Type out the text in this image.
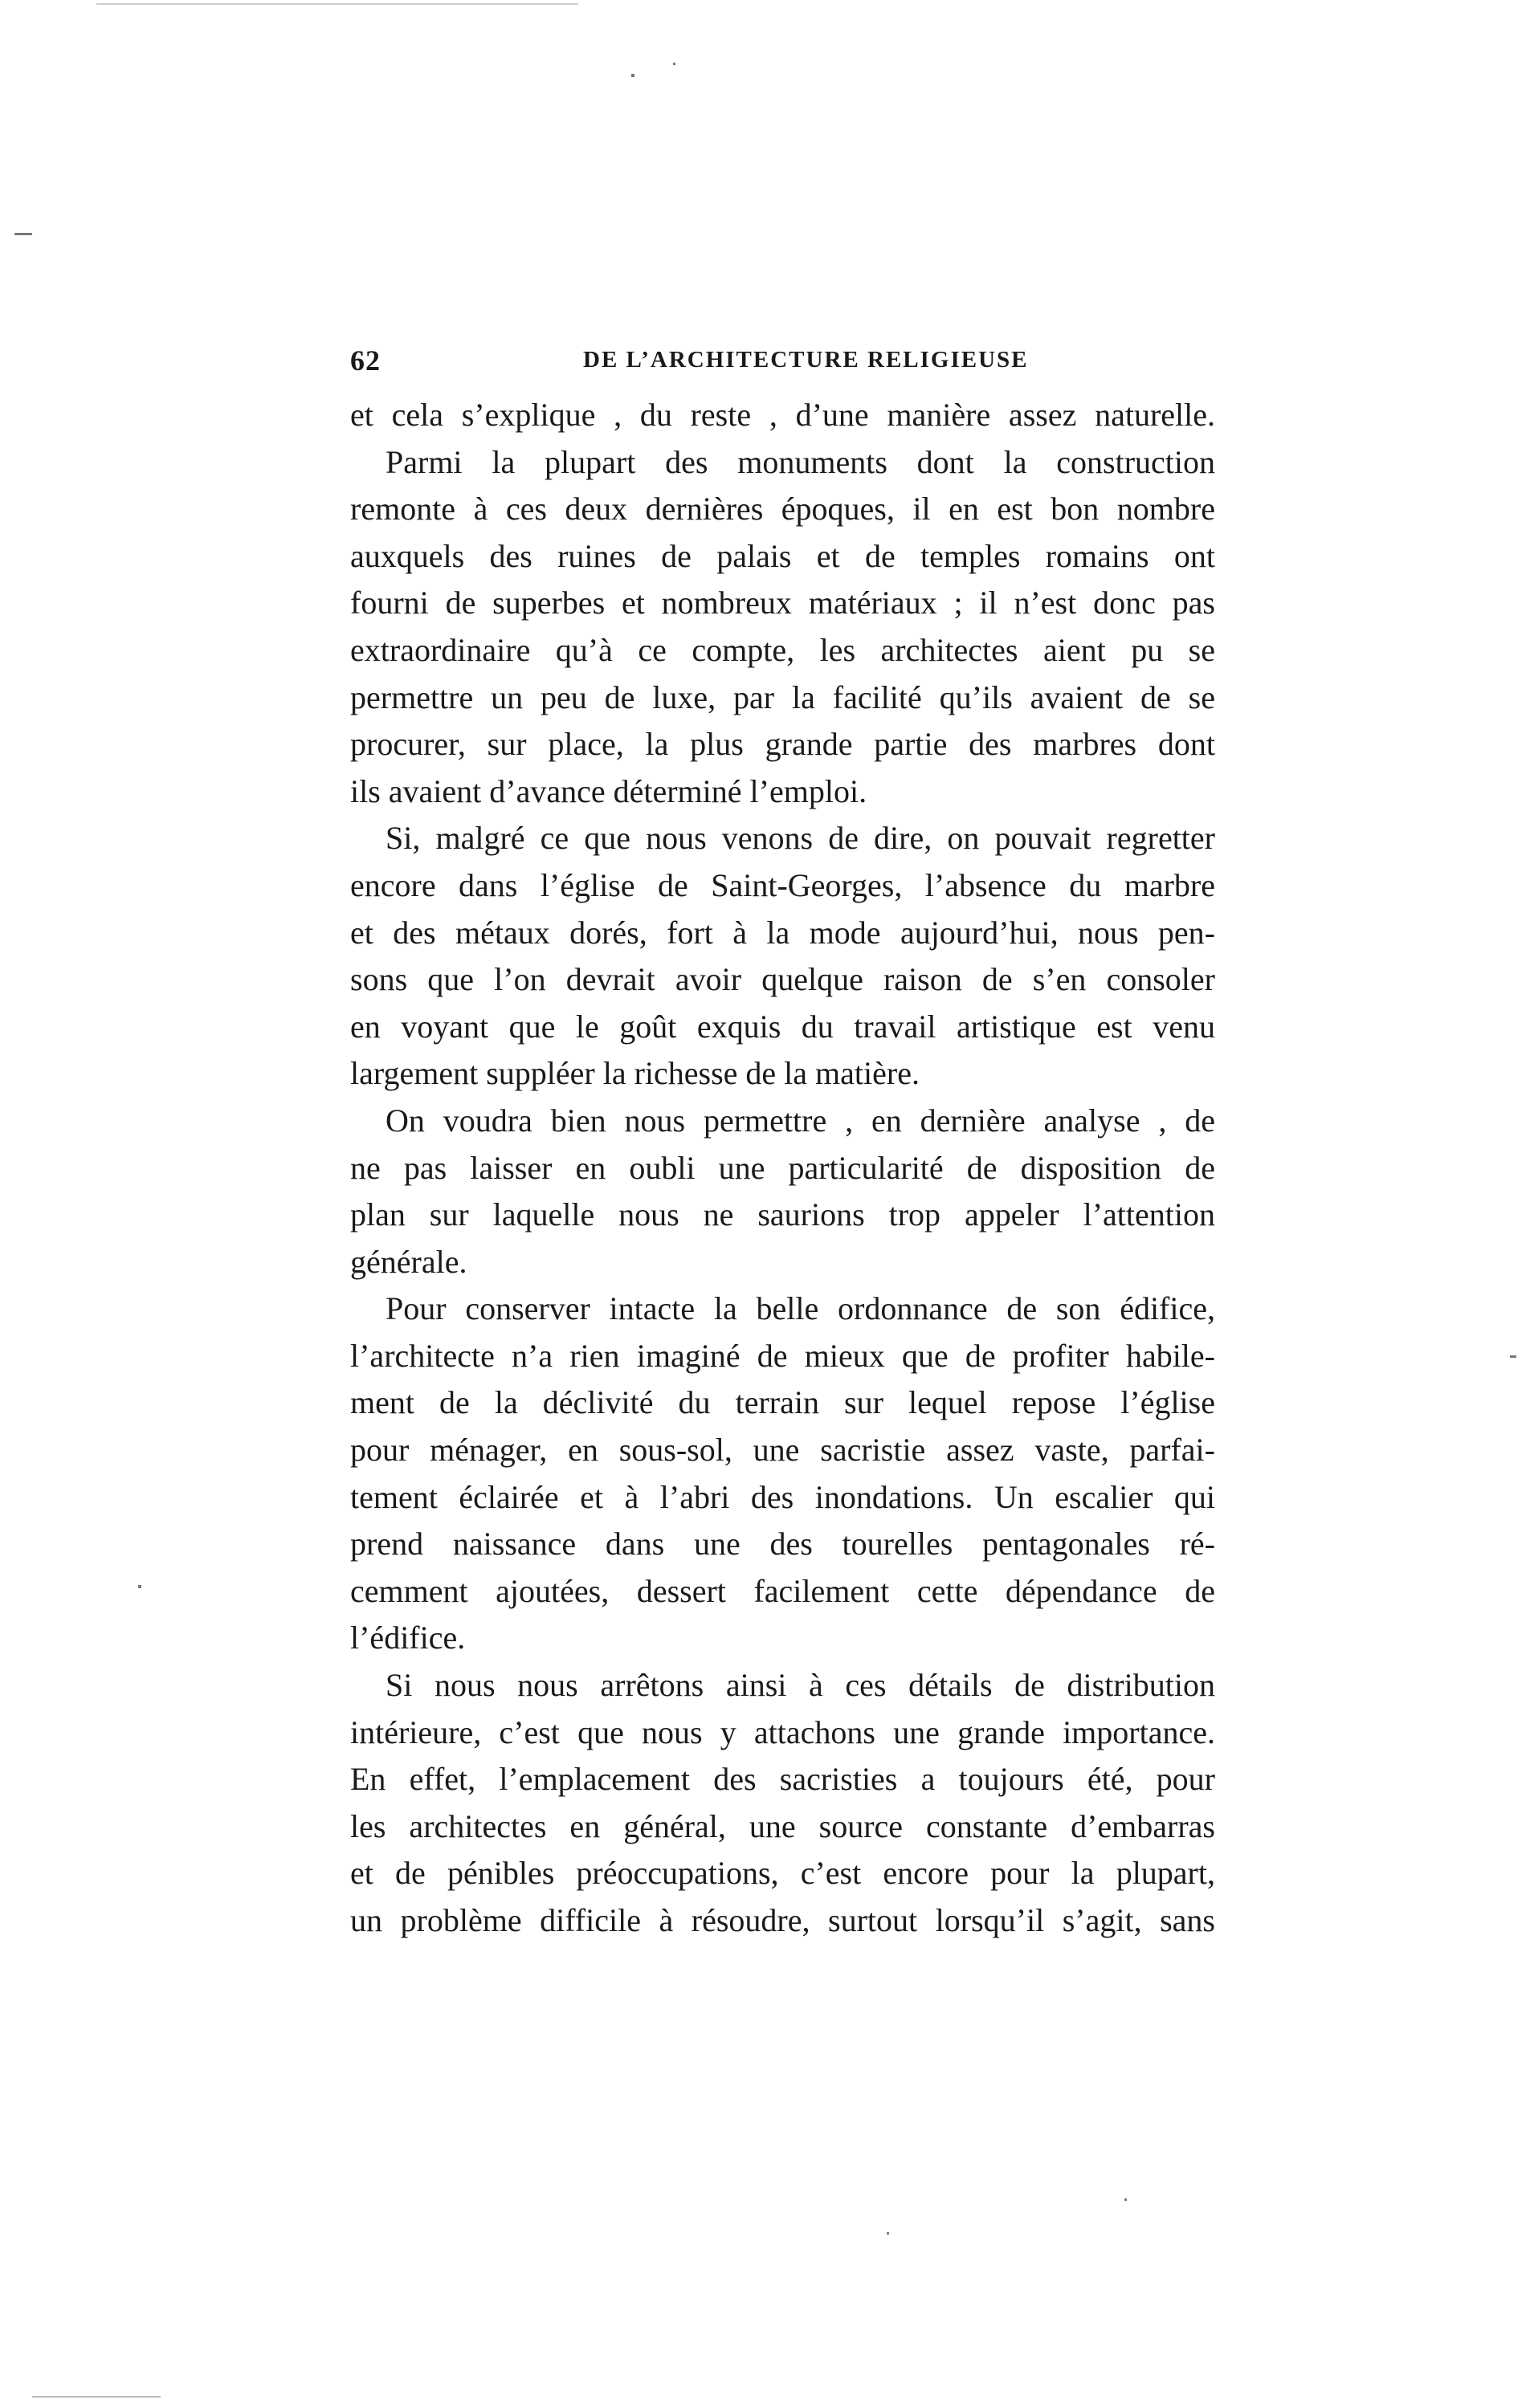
62	DE L’ARCHITECTURE RELIGIEUSE
et cela s’explique , du reste , d’une manière assez naturelle.
Parmi la plupart des monuments dont la construction
remonte à ces deux dernières époques, il en est bon nombre
auxquels des ruines de palais et de temples romains ont
fourni de superbes et nombreux matériaux ; il n’est donc pas
extraordinaire qu’à ce compte, les architectes aient pu se
permettre un peu de luxe, par la facilité qu’ils avaient de se
procurer, sur place, la plus grande partie des marbres dont
ils avaient d’avance déterminé l’emploi.
Si, malgré ce que nous venons de dire, on pouvait regretter
encore dans l’église de Saint-Georges, l’absence du marbre
et des métaux dorés, fort à la mode aujourd’hui, nous pen-
sons que l’on devrait avoir quelque raison de s’en consoler
en voyant que le goût exquis du travail artistique est venu
largement suppléer la richesse de la matière.
On voudra bien nous permettre , en dernière analyse , de
ne pas laisser en oubli une particularité de disposition de
plan sur laquelle nous ne saurions trop appeler l’attention
générale.
Pour conserver intacte la belle ordonnance de son édifice,
l’architecte n’a rien imaginé de mieux que de profiter habile-
ment de la déclivité du terrain sur lequel repose l’église
pour ménager, en sous-sol, une sacristie assez vaste, parfai-
tement éclairée et à l’abri des inondations. Un escalier qui
prend naissance dans une des tourelles pentagonales ré-
cemment ajoutées, dessert facilement cette dépendance de
l’édifice.
Si nous nous arrêtons ainsi à ces détails de distribution
intérieure, c’est que nous y attachons une grande importance.
En effet, l’emplacement des sacristies a toujours été, pour
les architectes en général, une source constante d’embarras
et de pénibles préoccupations, c’est encore pour la plupart,
un problème difficile à résoudre, surtout lorsqu’il s’agit, sans
